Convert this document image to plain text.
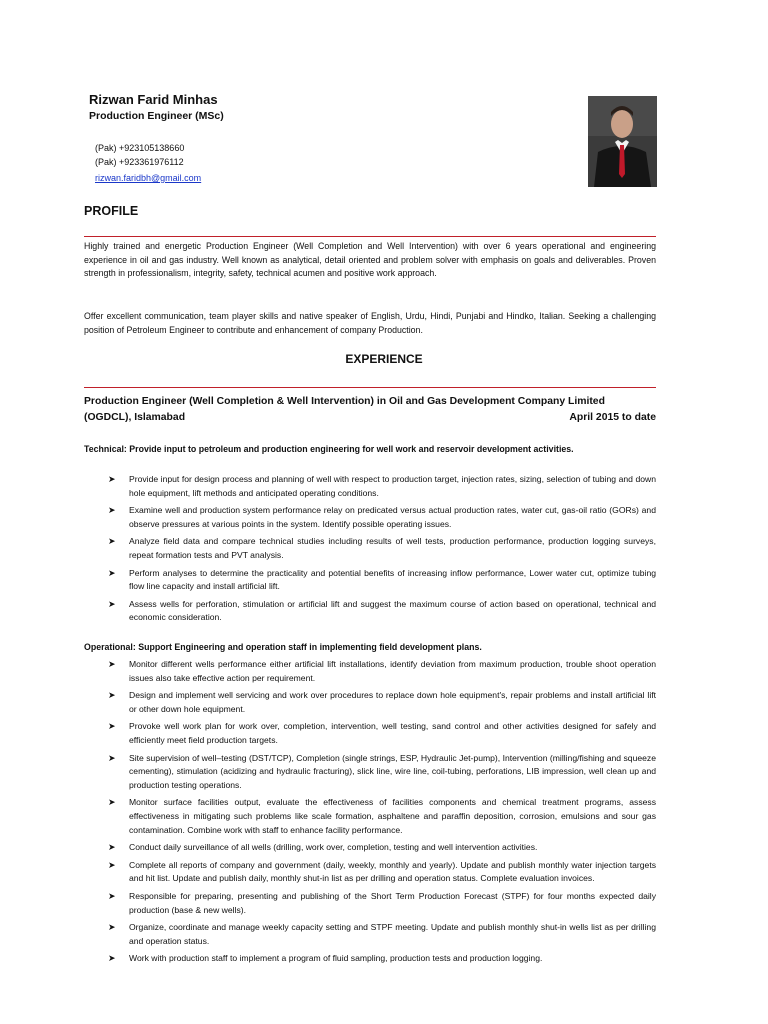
Rizwan Farid Minhas
Production Engineer (MSc)
(Pak) +923105138660
(Pak) +923361976112
rizwan.faridbh@gmail.com
PROFILE
Highly trained and energetic Production Engineer (Well Completion and Well Intervention) with over 6 years operational and engineering experience in oil and gas industry. Well known as analytical, detail oriented and problem solver with emphasis on goals and deliverables. Proven strength in professionalism, integrity, safety, technical acumen and positive work approach.
Offer excellent communication, team player skills and native speaker of English, Urdu, Hindi, Punjabi and Hindko, Italian. Seeking a challenging position of Petroleum Engineer to contribute and enhancement of company Production.
EXPERIENCE
Production Engineer (Well Completion & Well Intervention) in Oil and Gas Development Company Limited
(OGDCL), Islamabad	April 2015 to date
Technical: Provide input to petroleum and production engineering for well work and reservoir development activities.
➤ Provide input for design process and planning of well with respect to production target, injection rates, sizing, selection of tubing and down hole equipment, lift methods and anticipated operating conditions.
➤ Examine well and production system performance relay on predicated versus actual production rates, water cut, gas-oil ratio (GORs) and observe pressures at various points in the system. Identify possible operating issues.
➤ Analyze field data and compare technical studies including results of well tests, production performance, production logging surveys, repeat formation tests and PVT analysis.
➤ Perform analyses to determine the practicality and potential benefits of increasing inflow performance, Lower water cut, optimize tubing flow line capacity and install artificial lift.
➤ Assess wells for perforation, stimulation or artificial lift and suggest the maximum course of action based on operational, technical and economic consideration.
Operational: Support Engineering and operation staff in implementing field development plans.
➤ Monitor different wells performance either artificial lift installations, identify deviation from maximum production, trouble shoot operation issues also take effective action per requirement.
➤ Design and implement well servicing and work over procedures to replace down hole equipment's, repair problems and install artificial lift or other down hole equipment.
➤ Provoke well work plan for work over, completion, intervention, well testing, sand control and other activities designed for safely and efficiently meet field production targets.
➤ Site supervision of well–testing (DST/TCP), Completion (single strings, ESP, Hydraulic Jet-pump), Intervention (milling/fishing and squeeze cementing), stimulation (acidizing and hydraulic fracturing), slick line, wire line, coil-tubing, perforations, LIB impression, well clean up and production testing operations.
➤ Monitor surface facilities output, evaluate the effectiveness of facilities components and chemical treatment programs, assess effectiveness in mitigating such problems like scale formation, asphaltene and paraffin deposition, corrosion, emulsions and sour gas contamination. Combine work with staff to enhance facility performance.
➤ Conduct daily surveillance of all wells (drilling, work over, completion, testing and well intervention activities.
➤ Complete all reports of company and government (daily, weekly, monthly and yearly). Update and publish monthly water injection targets and hit list. Update and publish daily, monthly shut-in list as per drilling and operation status. Complete evaluation invoices.
➤ Responsible for preparing, presenting and publishing of the Short Term Production Forecast (STPF) for four months expected daily production (base & new wells).
➤ Organize, coordinate and manage weekly capacity setting and STPF meeting. Update and publish monthly shut-in wells list as per drilling and operation status.
➤ Work with production staff to implement a program of fluid sampling, production tests and production logging.
